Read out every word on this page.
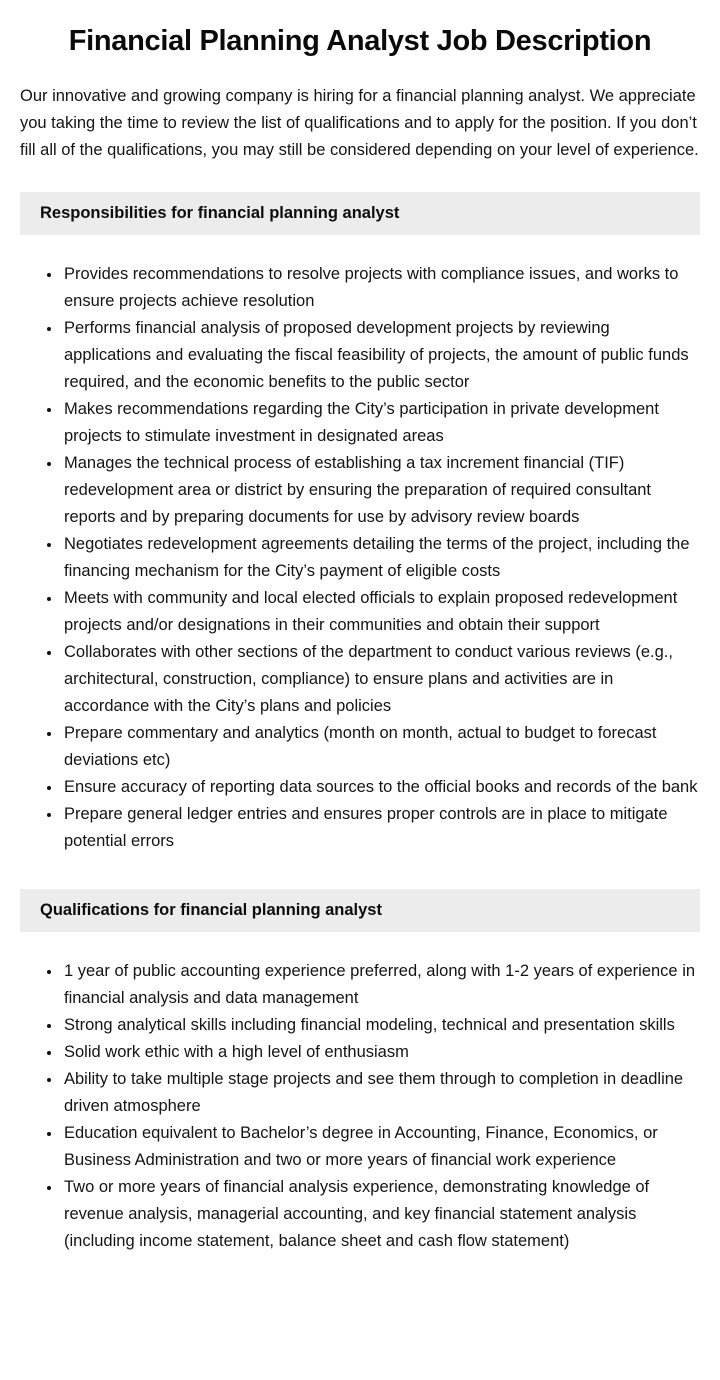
Financial Planning Analyst Job Description

Our innovative and growing company is hiring for a financial planning analyst. We appreciate you taking the time to review the list of qualifications and to apply for the position. If you don’t fill all of the qualifications, you may still be considered depending on your level of experience.

Responsibilities for financial planning analyst
• Provides recommendations to resolve projects with compliance issues, and works to ensure projects achieve resolution
• Performs financial analysis of proposed development projects by reviewing applications and evaluating the fiscal feasibility of projects, the amount of public funds required, and the economic benefits to the public sector
• Makes recommendations regarding the City’s participation in private development projects to stimulate investment in designated areas
• Manages the technical process of establishing a tax increment financial (TIF) redevelopment area or district by ensuring the preparation of required consultant reports and by preparing documents for use by advisory review boards
• Negotiates redevelopment agreements detailing the terms of the project, including the financing mechanism for the City’s payment of eligible costs
• Meets with community and local elected officials to explain proposed redevelopment projects and/or designations in their communities and obtain their support
• Collaborates with other sections of the department to conduct various reviews (e.g., architectural, construction, compliance) to ensure plans and activities are in accordance with the City’s plans and policies
• Prepare commentary and analytics (month on month, actual to budget to forecast deviations etc)
• Ensure accuracy of reporting data sources to the official books and records of the bank
• Prepare general ledger entries and ensures proper controls are in place to mitigate potential errors
Qualifications for financial planning analyst
• 1 year of public accounting experience preferred, along with 1-2 years of experience in financial analysis and data management
• Strong analytical skills including financial modeling, technical and presentation skills
• Solid work ethic with a high level of enthusiasm
• Ability to take multiple stage projects and see them through to completion in deadline driven atmosphere
• Education equivalent to Bachelor’s degree in Accounting, Finance, Economics, or Business Administration and two or more years of financial work experience
• Two or more years of financial analysis experience, demonstrating knowledge of revenue analysis, managerial accounting, and key financial statement analysis (including income statement, balance sheet and cash flow statement)
